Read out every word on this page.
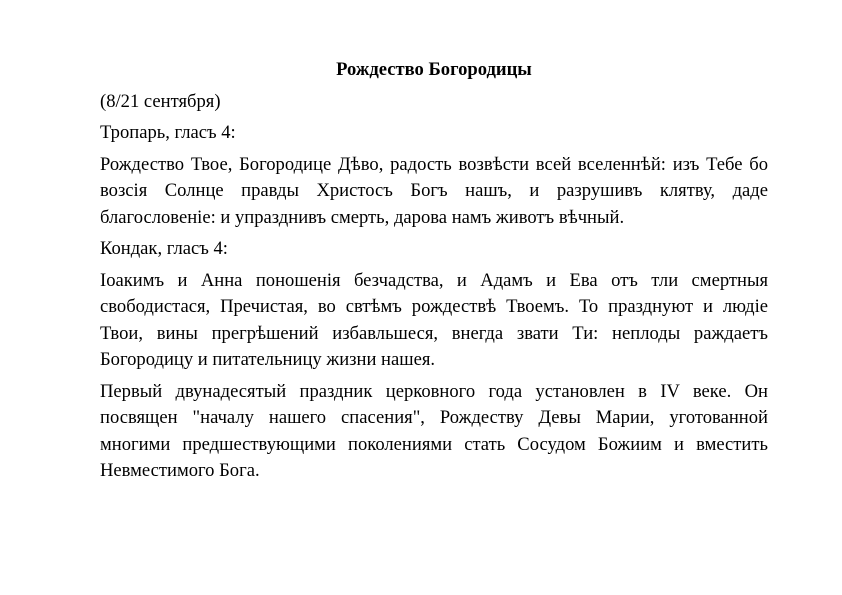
Рождество Богородицы

(8/21 сентября)

Тропарь, гласъ 4:

Рождество Твое, Богородице Дѣво, радость возвѣсти всей вселеннѣй: изъ Тебе бо возсія Солнце правды Христосъ Богъ нашъ, и разрушивъ клятву, даде благословеніе: и упразднивъ смерть, дарова намъ животъ вѣчный.

Кондак, гласъ 4:

Іоакимъ и Анна поношенія безчадства, и Адамъ и Ева отъ тли смертныя свободистася, Пречистая, во свтѣмъ рождествѣ Твоемъ. То празднуют и людіе Твои, вины прегрѣшений избавльшеся, внегда звати Ти: неплоды раждаетъ Богородицу и питательницу жизни нашея.

Первый двунадесятый праздник церковного года установлен в IV веке. Он посвящен "началу нашего спасения", Рождеству Девы Марии, уготованной многими предшествующими поколениями стать Сосудом Божиим и вместить Невместимого Бога.
